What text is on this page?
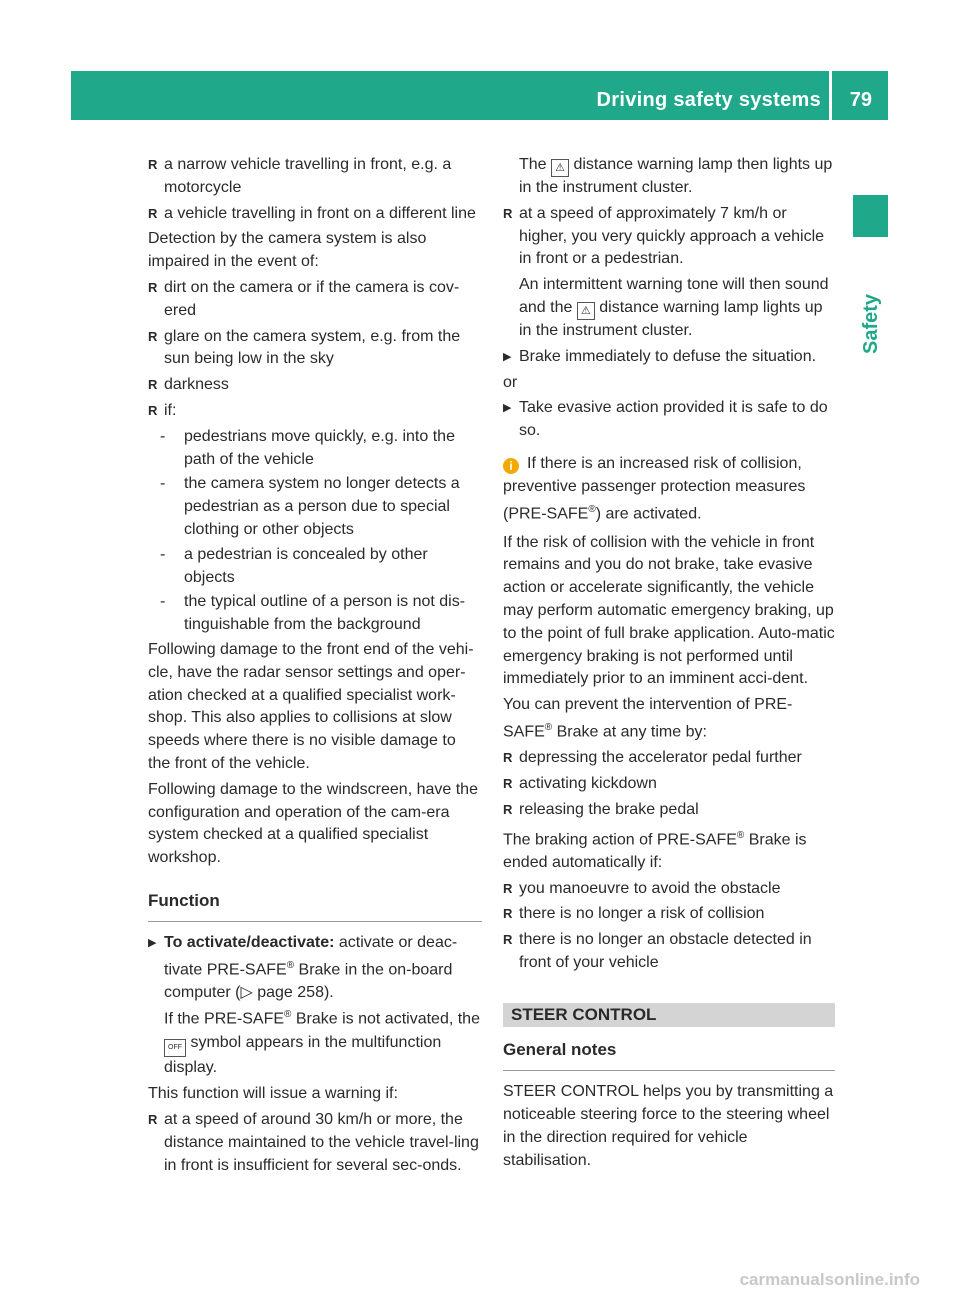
Driving safety systems 79
Safety

R a narrow vehicle travelling in front, e.g. a motorcycle

R a vehicle travelling in front on a different line

Detection by the camera system is also impaired in the event of:

R dirt on the camera or if the camera is cov-ered

R glare on the camera system, e.g. from the sun being low in the sky

R darkness

R if:

- pedestrians move quickly, e.g. into the path of the vehicle

- the camera system no longer detects a pedestrian as a person due to special clothing or other objects

- a pedestrian is concealed by other objects

- the typical outline of a person is not dis-tinguishable from the background

Following damage to the front end of the vehi-cle, have the radar sensor settings and oper-ation checked at a qualified specialist work-shop. This also applies to collisions at slow speeds where there is no visible damage to the front of the vehicle.

Following damage to the windscreen, have the configuration and operation of the cam-era system checked at a qualified specialist workshop.

Function

▶ To activate/deactivate: activate or deac-tivate PRE-SAFE® Brake in the on-board computer (▷ page 258).
If the PRE-SAFE® Brake is not activated, the OFF symbol appears in the multifunction display.

This function will issue a warning if:

R at a speed of around 30 km/h or more, the distance maintained to the vehicle travel-ling in front is insufficient for several sec-onds.

The ⚠ distance warning lamp then lights up in the instrument cluster.

R at a speed of approximately 7 km/h or higher, you very quickly approach a vehicle in front or a pedestrian.

An intermittent warning tone will then sound and the ⚠ distance warning lamp lights up in the instrument cluster.

▶ Brake immediately to defuse the situation.

or

▶ Take evasive action provided it is safe to do so.

i If there is an increased risk of collision, preventive passenger protection measures (PRE-SAFE®) are activated.

If the risk of collision with the vehicle in front remains and you do not brake, take evasive action or accelerate significantly, the vehicle may perform automatic emergency braking, up to the point of full brake application. Auto-matic emergency braking is not performed until immediately prior to an imminent acci-dent.

You can prevent the intervention of PRE-SAFE® Brake at any time by:

R depressing the accelerator pedal further

R activating kickdown

R releasing the brake pedal

The braking action of PRE-SAFE® Brake is ended automatically if:

R you manoeuvre to avoid the obstacle

R there is no longer a risk of collision

R there is no longer an obstacle detected in front of your vehicle

STEER CONTROL
General notes

STEER CONTROL helps you by transmitting a noticeable steering force to the steering wheel in the direction required for vehicle stabilisation.

carmanualsonline.info
